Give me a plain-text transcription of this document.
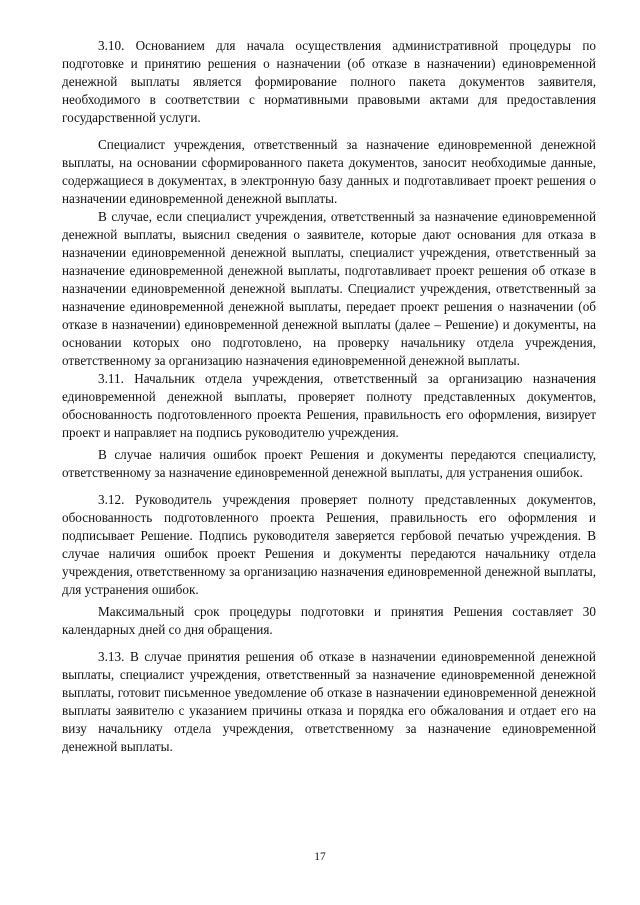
3.10. Основанием для начала осуществления административной процедуры по подготовке и принятию решения о назначении (об отказе в назначении) единовременной денежной выплаты является формирование полного пакета документов заявителя, необходимого в соответствии с нормативными правовыми актами для предоставления государственной услуги.

Специалист учреждения, ответственный за назначение единовременной денежной выплаты, на основании сформированного пакета документов, заносит необходимые данные, содержащиеся в документах, в электронную базу данных и подготавливает проект решения о назначении единовременной денежной выплаты.

В случае, если специалист учреждения, ответственный за назначение единовременной денежной выплаты, выяснил сведения о заявителе, которые дают основания для отказа в назначении единовременной денежной выплаты, специалист учреждения, ответственный за назначение единовременной денежной выплаты, подготавливает проект решения об отказе в назначении единовременной денежной выплаты. Специалист учреждения, ответственный за назначение единовременной денежной выплаты, передает проект решения о назначении (об отказе в назначении) единовременной денежной выплаты (далее – Решение) и документы, на основании которых оно подготовлено, на проверку начальнику отдела учреждения, ответственному за организацию назначения единовременной денежной выплаты.

3.11. Начальник отдела учреждения, ответственный за организацию назначения единовременной денежной выплаты, проверяет полноту представленных документов, обоснованность подготовленного проекта Решения, правильность его оформления, визирует проект и направляет на подпись руководителю учреждения.

В случае наличия ошибок проект Решения и документы передаются специалисту, ответственному за назначение единовременной денежной выплаты, для устранения ошибок.

3.12. Руководитель учреждения проверяет полноту представленных документов, обоснованность подготовленного проекта Решения, правильность его оформления и подписывает Решение. Подпись руководителя заверяется гербовой печатью учреждения. В случае наличия ошибок проект Решения и документы передаются начальнику отдела учреждения, ответственному за организацию назначения единовременной денежной выплаты, для устранения ошибок.

Максимальный срок процедуры подготовки и принятия Решения составляет 30 календарных дней со дня обращения.

3.13. В случае принятия решения об отказе в назначении единовременной денежной выплаты, специалист учреждения, ответственный за назначение единовременной денежной выплаты, готовит письменное уведомление об отказе в назначении единовременной денежной выплаты заявителю с указанием причины отказа и порядка его обжалования и отдает его на визу начальнику отдела учреждения, ответственному за назначение единовременной денежной выплаты.

17
